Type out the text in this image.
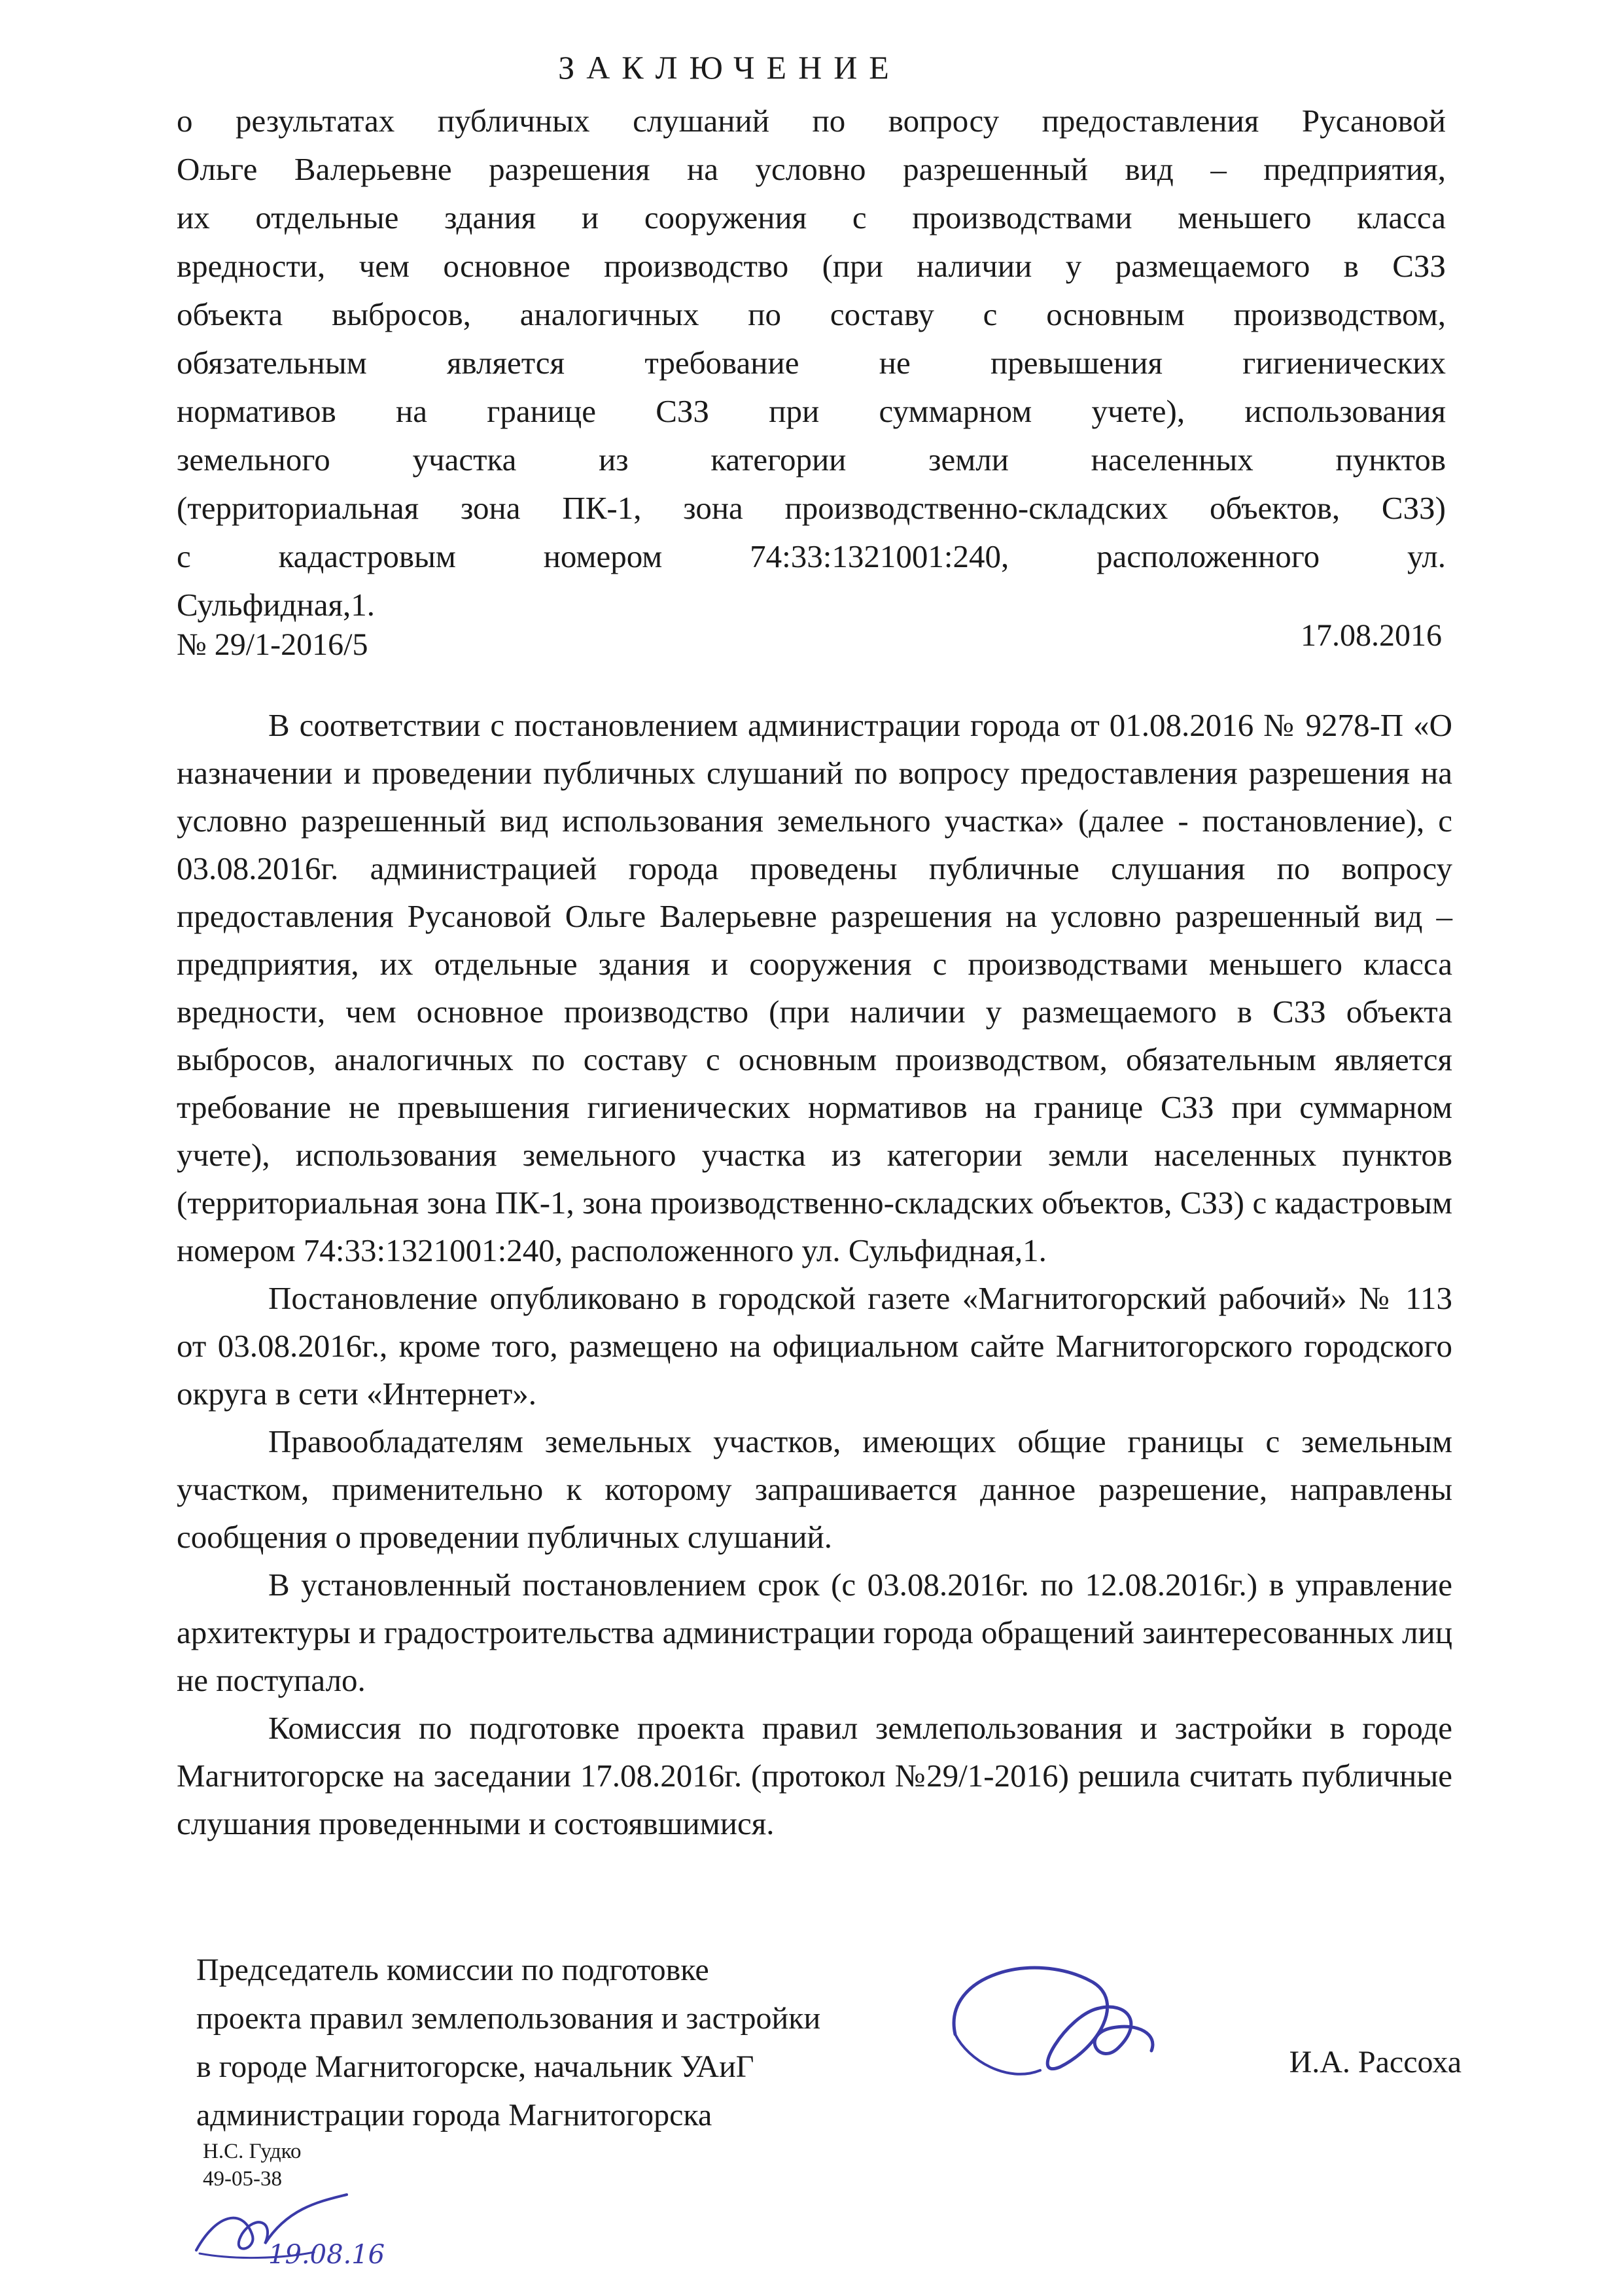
ЗАКЛЮЧЕНИЕ
о результатах публичных слушаний по вопросу предоставления Русановой
Ольге Валерьевне разрешения на условно разрешенный вид – предприятия,
их отдельные здания и сооружения с производствами меньшего класса
вредности, чем основное производство (при наличии у размещаемого в СЗЗ
объекта выбросов, аналогичных по составу с основным производством,
обязательным является требование не превышения гигиенических
нормативов на границе СЗЗ при суммарном учете), использования
земельного участка из категории земли населенных пунктов
(территориальная зона ПК-1, зона производственно-складских объектов, СЗЗ)
с кадастровым номером 74:33:1321001:240, расположенного ул.
Сульфидная,1.
№ 29/1-2016/5	17.08.2016

В соответствии с постановлением администрации города от 01.08.2016 № 9278-П «О назначении и проведении публичных слушаний по вопросу предоставления разрешения на условно разрешенный вид использования земельного участка» (далее - постановление), с 03.08.2016г. администрацией города проведены публичные слушания по вопросу предоставления Русановой Ольге Валерьевне разрешения на условно разрешенный вид – предприятия, их отдельные здания и сооружения с производствами меньшего класса вредности, чем основное производство (при наличии у размещаемого в СЗЗ объекта выбросов, аналогичных по составу с основным производством, обязательным является требование не превышения гигиенических нормативов на границе СЗЗ при суммарном учете), использования земельного участка из категории земли населенных пунктов (территориальная зона ПК-1, зона производственно-складских объектов, СЗЗ) с кадастровым номером 74:33:1321001:240, расположенного ул. Сульфидная,1.

Постановление опубликовано в городской газете «Магнитогорский рабочий» № 113 от 03.08.2016г., кроме того, размещено на официальном сайте Магнитогорского городского округа в сети «Интернет».

Правообладателям земельных участков, имеющих общие границы с земельным участком, применительно к которому запрашивается данное разрешение, направлены сообщения о проведении публичных слушаний.

В установленный постановлением срок (с 03.08.2016г. по 12.08.2016г.) в управление архитектуры и градостроительства администрации города обращений заинтересованных лиц не поступало.

Комиссия по подготовке проекта правил землепользования и застройки в городе Магнитогорске на заседании 17.08.2016г. (протокол №29/1-2016) решила считать публичные слушания проведенными и состоявшимися.

Председатель комиссии по подготовке
проекта правил землепользования и застройки
в городе Магнитогорске, начальник УАиГ
администрации города Магнитогорска
И.А. Рассоха
Н.С. Гудко
49-05-38
19.08.16
